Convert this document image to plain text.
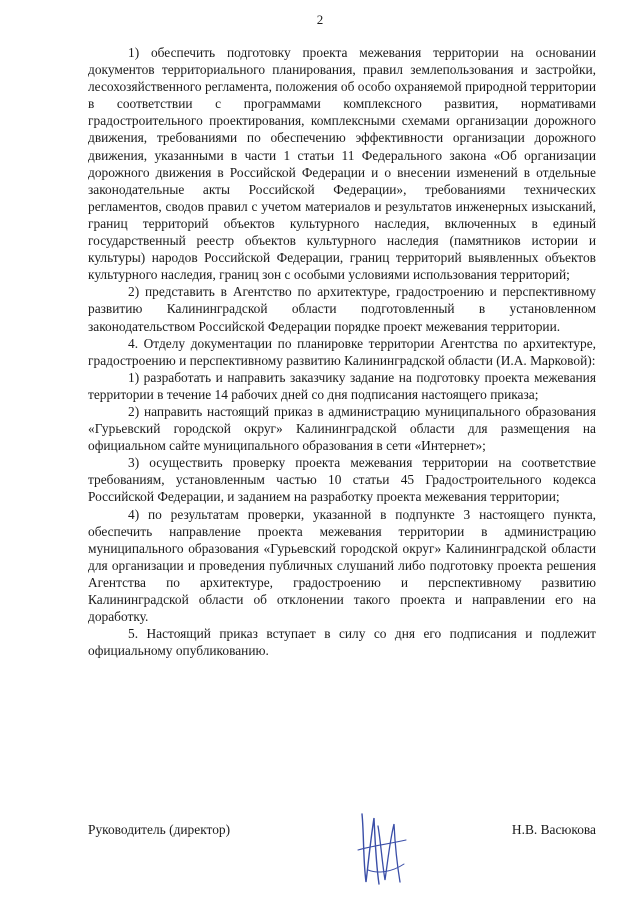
2

1) обеспечить подготовку проекта межевания территории на основании документов территориального планирования, правил землепользования и застройки, лесохозяйственного регламента, положения об особо охраняемой природной территории в соответствии с программами комплексного развития, нормативами градостроительного проектирования, комплексными схемами организации дорожного движения, требованиями по обеспечению эффективности организации дорожного движения, указанными в части 1 статьи 11 Федерального закона «Об организации дорожного движения в Российской Федерации и о внесении изменений в отдельные законодательные акты Российской Федерации», требованиями технических регламентов, сводов правил с учетом материалов и результатов инженерных изысканий, границ территорий объектов культурного наследия, включенных в единый государственный реестр объектов культурного наследия (памятников истории и культуры) народов Российской Федерации, границ территорий выявленных объектов культурного наследия, границ зон с особыми условиями использования территорий;

2) представить в Агентство по архитектуре, градостроению и перспективному развитию Калининградской области подготовленный в установленном законодательством Российской Федерации порядке проект межевания территории.

4. Отделу документации по планировке территории Агентства по архитектуре, градостроению и перспективному развитию Калининградской области (И.А. Марковой):

1) разработать и направить заказчику задание на подготовку проекта межевания территории в течение 14 рабочих дней со дня подписания настоящего приказа;

2) направить настоящий приказ в администрацию муниципального образования «Гурьевский городской округ» Калининградской области для размещения на официальном сайте муниципального образования в сети «Интернет»;

3) осуществить проверку проекта межевания территории на соответствие требованиям, установленным частью 10 статьи 45 Градостроительного кодекса Российской Федерации, и заданием на разработку проекта межевания территории;

4) по результатам проверки, указанной в подпункте 3 настоящего пункта, обеспечить направление проекта межевания территории в администрацию муниципального образования «Гурьевский городской округ» Калининградской области для организации и проведения публичных слушаний либо подготовку проекта решения Агентства по архитектуре, градостроению и перспективному развитию Калининградской области об отклонении такого проекта и направлении его на доработку.

5. Настоящий приказ вступает в силу со дня его подписания и подлежит официальному опубликованию.

Руководитель (директор)	Н.В. Васюкова
